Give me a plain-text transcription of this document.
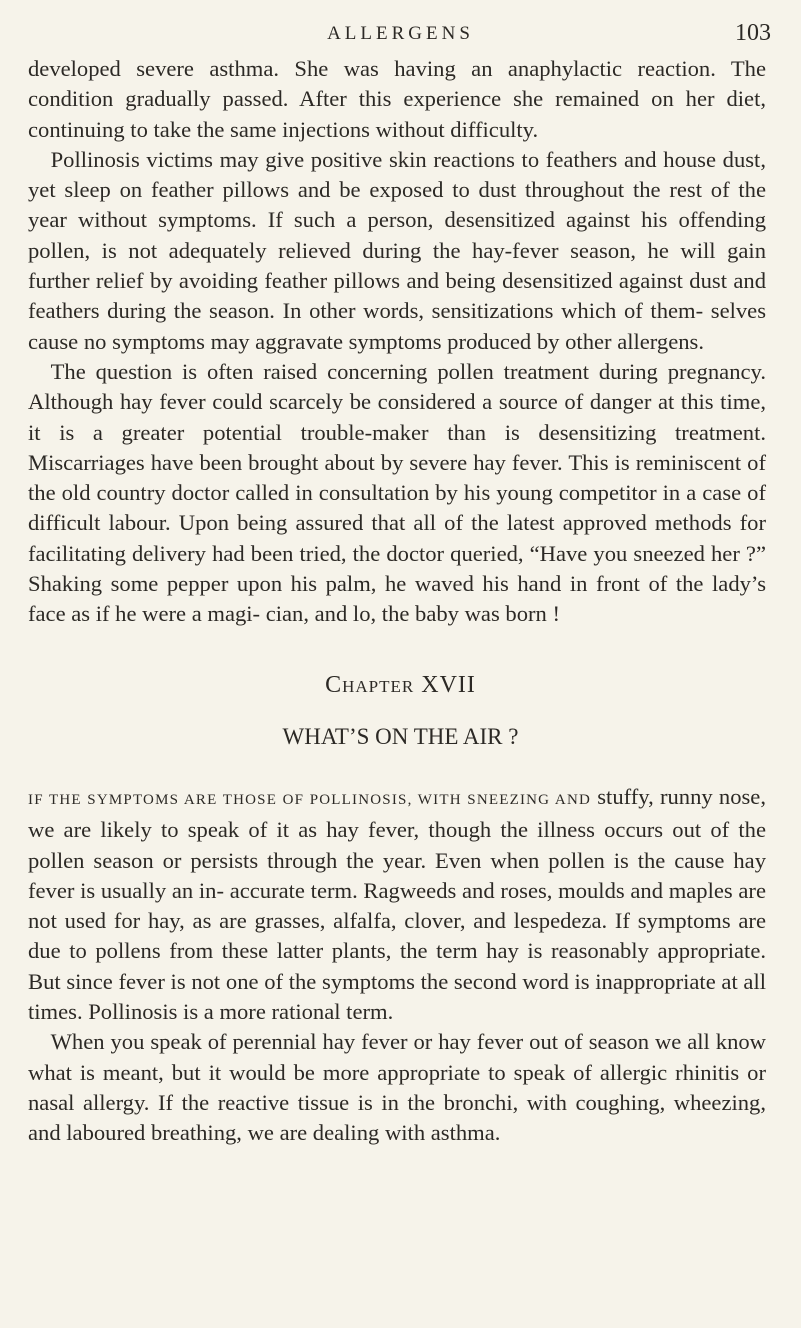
ALLERGENS	103

developed severe asthma. She was having an anaphylactic reaction. The condition gradually passed. After this experience she remained on her diet, continuing to take the same injections without difficulty.

Pollinosis victims may give positive skin reactions to feathers and house dust, yet sleep on feather pillows and be exposed to dust throughout the rest of the year without symptoms. If such a person, desensitized against his offending pollen, is not adequately relieved during the hay-fever season, he will gain further relief by avoiding feather pillows and being desensitized against dust and feathers during the season. In other words, sensitizations which of them- selves cause no symptoms may aggravate symptoms produced by other allergens.

The question is often raised concerning pollen treatment during pregnancy. Although hay fever could scarcely be considered a source of danger at this time, it is a greater potential trouble-maker than is desensitizing treatment. Miscarriages have been brought about by severe hay fever. This is reminiscent of the old country doctor called in consultation by his young competitor in a case of difficult labour. Upon being assured that all of the latest approved methods for facilitating delivery had been tried, the doctor queried, “Have you sneezed her ?” Shaking some pepper upon his palm, he waved his hand in front of the lady’s face as if he were a magi- cian, and lo, the baby was born !

Chapter XVII
WHAT’S ON THE AIR ?

IF THE SYMPTOMS ARE THOSE OF POLLINOSIS, WITH SNEEZING AND stuffy, runny nose, we are likely to speak of it as hay fever, though the illness occurs out of the pollen season or persists through the year. Even when pollen is the cause hay fever is usually an in- accurate term. Ragweeds and roses, moulds and maples are not used for hay, as are grasses, alfalfa, clover, and lespedeza. If symptoms are due to pollens from these latter plants, the term hay is reasonably appropriate. But since fever is not one of the symptoms the second word is inappropriate at all times. Pollinosis is a more rational term.

When you speak of perennial hay fever or hay fever out of season we all know what is meant, but it would be more appropriate to speak of allergic rhinitis or nasal allergy. If the reactive tissue is in the bronchi, with coughing, wheezing, and laboured breathing, we are dealing with asthma.
